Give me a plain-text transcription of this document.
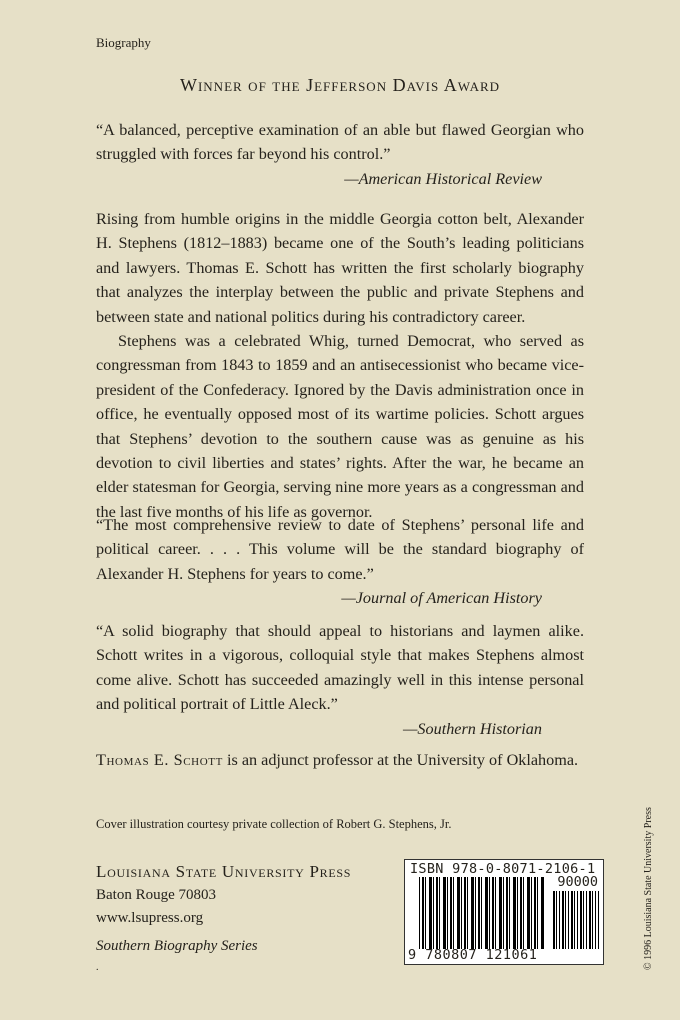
Biography
Winner of the Jefferson Davis Award

“A balanced, perceptive examination of an able but flawed Georgian who struggled with forces far beyond his control.”

—American Historical Review

Rising from humble origins in the middle Georgia cotton belt, Alexander H. Stephens (1812–1883) became one of the South’s leading politicians and lawyers. Thomas E. Schott has written the first scholarly biography that analyzes the interplay between the public and private Stephens and between state and national politics during his contradictory career.

Stephens was a celebrated Whig, turned Democrat, who served as congressman from 1843 to 1859 and an antisecessionist who became vice-president of the Confederacy. Ignored by the Davis administration once in office, he eventually opposed most of its wartime policies. Schott argues that Stephens’ devotion to the southern cause was as genuine as his devotion to civil liberties and states’ rights. After the war, he became an elder statesman for Georgia, serving nine more years as a congressman and the last five months of his life as governor.

“The most comprehensive review to date of Stephens’ personal life and political career. . . . This volume will be the standard biography of Alexander H. Stephens for years to come.”

—Journal of American History

“A solid biography that should appeal to historians and laymen alike. Schott writes in a vigorous, colloquial style that makes Stephens almost come alive. Schott has succeeded amazingly well in this intense personal and political portrait of Little Aleck.”

—Southern Historian

Thomas E. Schott is an adjunct professor at the University of Oklahoma.

Cover illustration courtesy private collection of Robert G. Stephens, Jr.
Louisiana State University Press
Baton Rouge 70803
www.lsupress.org
Southern Biography Series
.
ISBN 978-0-8071-2106-1
90000
9 780807 121061	© 1996 Louisiana State University Press
